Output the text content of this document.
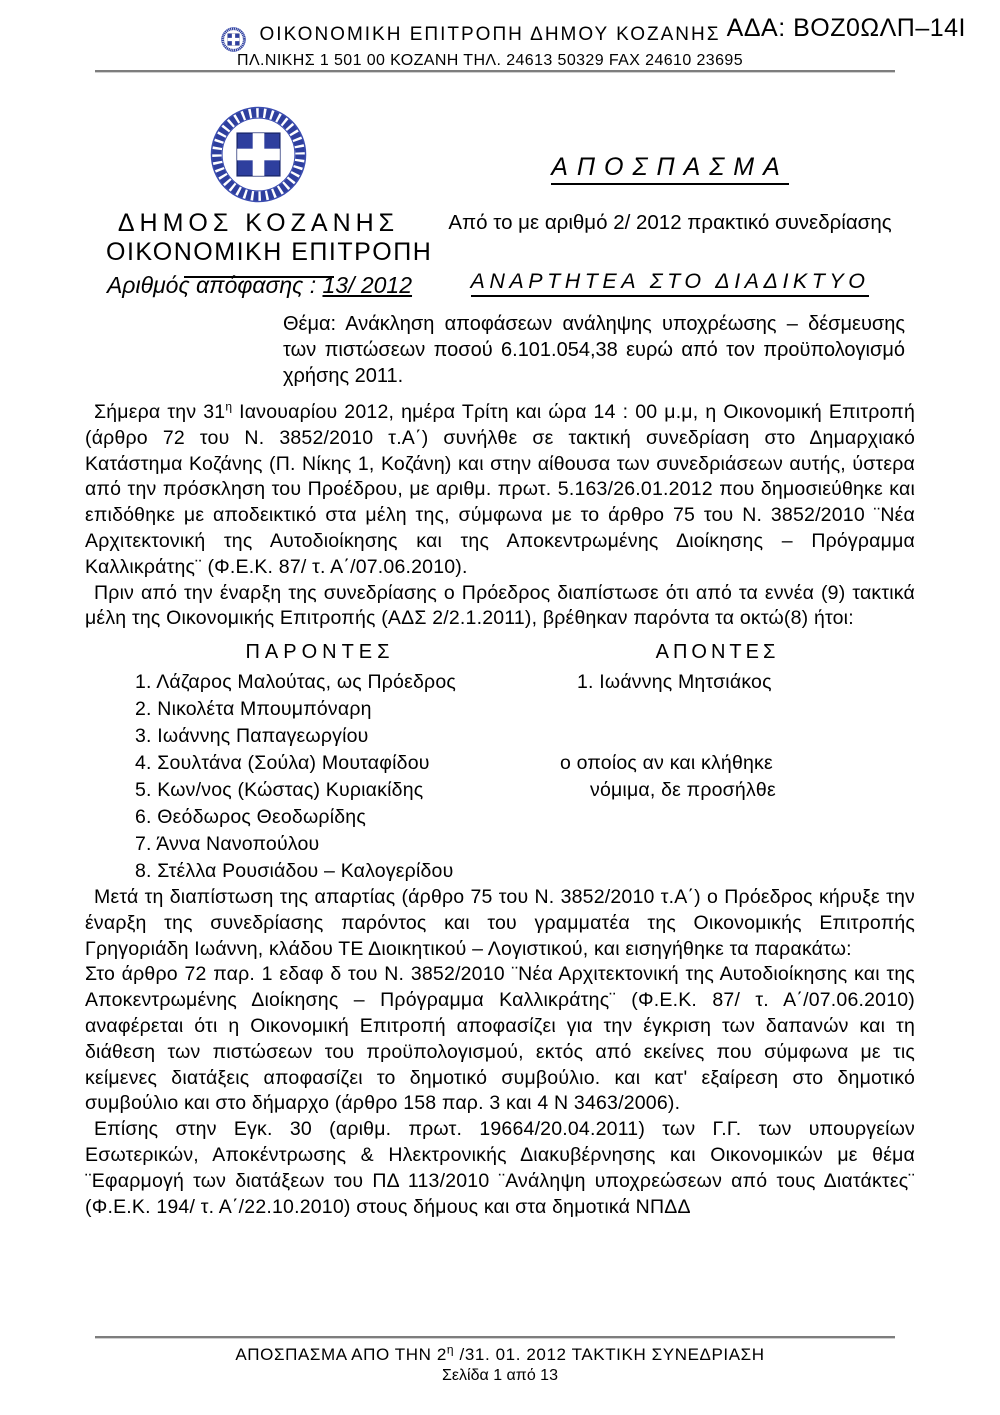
ΟΙΚΟΝΟΜΙΚΗ ΕΠΙΤΡΟΠΗ ΔΗΜΟΥ ΚΟΖΑΝΗΣ
ΠΛ.ΝΙΚΗΣ 1 501 00 ΚΟΖΑΝΗ ΤΗΛ. 24613 50329 FAX 24610 23695
ΑΔΑ: ΒΟΖ0ΩΛΠ–14Ι
ΔΗΜΟΣ ΚΟΖΑΝΗΣ
ΟΙΚΟΝΟΜΙΚΗ ΕΠΙΤΡΟΠΗ
Αριθμός απόφασης : 13/ 2012
ΑΠΟΣΠΑΣΜΑ
Από το με αριθμό 2/ 2012 πρακτικό συνεδρίασης
ΑΝΑΡΤΗΤΕΑ ΣΤΟ ΔΙΑΔΙΚΤΥΟ
Θέμα: Ανάκληση αποφάσεων ανάληψης υποχρέωσης – δέσμευσης των πιστώσεων ποσού 6.101.054,38 ευρώ από τον προϋπολογισμό χρήσης 2011.

Σήμερα την $31^\eta$ Ιανουαρίου 2012, ημέρα Τρίτη και ώρα 14 : 00 μ.μ, η Οικονομική Επιτροπή (άρθρο 72 του Ν. 3852/2010 τ.Α΄) συνήλθε σε τακτική συνεδρίαση στο Δημαρχιακό Κατάστημα Κοζάνης (Π. Νίκης 1, Κοζάνη) και στην αίθουσα των συνεδριάσεων αυτής, ύστερα από την πρόσκληση του Προέδρου, με αριθμ. πρωτ. 5.163/26.01.2012 που δημοσιεύθηκε και επιδόθηκε με αποδεικτικό στα μέλη της, σύμφωνα με το άρθρο 75 του Ν. 3852/2010 ¨Νέα Αρχιτεκτονική της Αυτοδιοίκησης και της Αποκεντρωμένης Διοίκησης – Πρόγραμμα Καλλικράτης¨ (Φ.Ε.Κ. 87/ τ. Α΄/07.06.2010).

Πριν από την έναρξη της συνεδρίασης ο Πρόεδρος διαπίστωσε ότι από τα εννέα (9) τακτικά μέλη της Οικονομικής Επιτροπής (ΑΔΣ 2/2.1.2011), βρέθηκαν παρόντα τα οκτώ(8) ήτοι:

ΠΑΡΟΝΤΕΣ	ΑΠΟΝΤΕΣ
1. Λάζαρος Μαλούτας, ως Πρόεδρος
2. Νικολέτα Μπουμπόναρη
3. Ιωάννης Παπαγεωργίου
4. Σουλτάνα (Σούλα) Μουταφίδου
5. Κων/νος (Κώστας) Κυριακίδης
6. Θεόδωρος Θεοδωρίδης
7. Άννα Νανοπούλου
8. Στέλλα Ρουσιάδου – Καλογερίδου
1. Ιωάννης Μητσιάκος
ο οποίος αν και κλήθηκε
νόμιμα, δε προσήλθε

Μετά τη διαπίστωση της απαρτίας (άρθρο 75 του Ν. 3852/2010 τ.Α΄) ο Πρόεδρος κήρυξε την έναρξη της συνεδρίασης παρόντος και του γραμματέα της Οικονομικής Επιτροπής Γρηγοριάδη Ιωάννη, κλάδου ΤΕ Διοικητικού – Λογιστικού, και εισηγήθηκε τα παρακάτω:

Στο άρθρο 72 παρ. 1 εδαφ δ του Ν. 3852/2010 ¨Νέα Αρχιτεκτονική της Αυτοδιοίκησης και της Αποκεντρωμένης Διοίκησης – Πρόγραμμα Καλλικράτης¨ (Φ.Ε.Κ. 87/ τ. Α΄/07.06.2010) αναφέρεται ότι η Οικονομική Επιτροπή αποφασίζει για την έγκριση των δαπανών και τη διάθεση των πιστώσεων του προϋπολογισμού, εκτός από εκείνες που σύμφωνα με τις κείμενες διατάξεις αποφασίζει το δημοτικό συμβούλιο. και κατ' εξαίρεση στο δημοτικό συμβούλιο και στο δήμαρχο (άρθρο 158 παρ. 3 και 4 Ν 3463/2006).

Επίσης στην Εγκ. 30 (αριθμ. πρωτ. 19664/20.04.2011) των Γ.Γ. των υπουργείων Εσωτερικών, Αποκέντρωσης & Ηλεκτρονικής Διακυβέρνησης και Οικονομικών με θέμα ¨Εφαρμογή των διατάξεων του ΠΔ 113/2010 ¨Ανάληψη υποχρεώσεων από τους Διατάκτες¨ (Φ.Ε.Κ. 194/ τ. Α΄/22.10.2010) στους δήμους και στα δημοτικά ΝΠΔΔ

ΑΠΟΣΠΑΣΜΑ ΑΠΟ ΤΗΝ $2^\eta$ /31. 01. 2012 ΤΑΚΤΙΚΗ ΣΥΝΕΔΡΙΑΣΗ
Σελίδα 1 από 13
